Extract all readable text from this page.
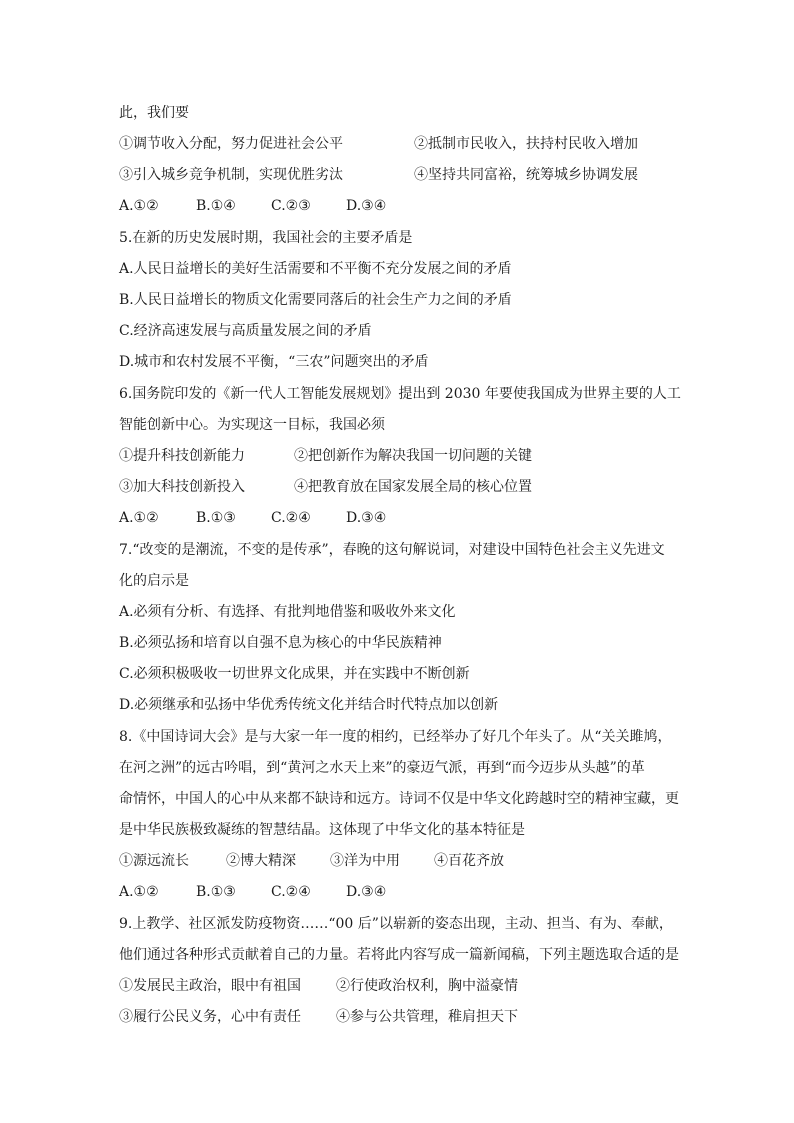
此，我们要
①调节收入分配，努力促进社会公平	②抵制市民收入，扶持村民收入增加
③引入城乡竞争机制，实现优胜劣汰	④坚持共同富裕，统筹城乡协调发展
A.①②	B.①④	C.②③	D.③④
5.在新的历史发展时期，我国社会的主要矛盾是
A.人民日益增长的美好生活需要和不平衡不充分发展之间的矛盾
B.人民日益增长的物质文化需要同落后的社会生产力之间的矛盾
C.经济高速发展与高质量发展之间的矛盾
D.城市和农村发展不平衡，“三农”问题突出的矛盾
6.国务院印发的《新一代人工智能发展规划》提出到 2030 年要使我国成为世界主要的人工
智能创新中心。为实现这一目标，我国必须
①提升科技创新能力	②把创新作为解决我国一切问题的关键
③加大科技创新投入	④把教育放在国家发展全局的核心位置
A.①②	B.①③	C.②④	D.③④
7.“改变的是潮流，不变的是传承”，春晚的这句解说词，对建设中国特色社会主义先进文
化的启示是
A.必须有分析、有选择、有批判地借鉴和吸收外来文化
B.必须弘扬和培育以自强不息为核心的中华民族精神
C.必须积极吸收一切世界文化成果，并在实践中不断创新
D.必须继承和弘扬中华优秀传统文化并结合时代特点加以创新
8.《中国诗词大会》是与大家一年一度的相约，已经举办了好几个年头了。从“关关雎鸠，
在河之洲”的远古吟唱，到“黄河之水天上来”的豪迈气派，再到“而今迈步从头越”的革
命情怀，中国人的心中从来都不缺诗和远方。诗词不仅是中华文化跨越时空的精神宝藏，更
是中华民族极致凝练的智慧结晶。这体现了中华文化的基本特征是
①源远流长	②博大精深 ③洋为中用 ④百花齐放
A.①②	B.①③	C.②④	D.③④
9.上教学、社区派发防疫物资……“00 后”以崭新的姿态出现，主动、担当、有为、奉献，
他们通过各种形式贡献着自己的力量。若将此内容写成一篇新闻稿，下列主题选取合适的是
①发展民主政治，眼中有祖国	②行使政治权利，胸中溢豪情
③履行公民义务，心中有责任	④参与公共管理，稚肩担天下
